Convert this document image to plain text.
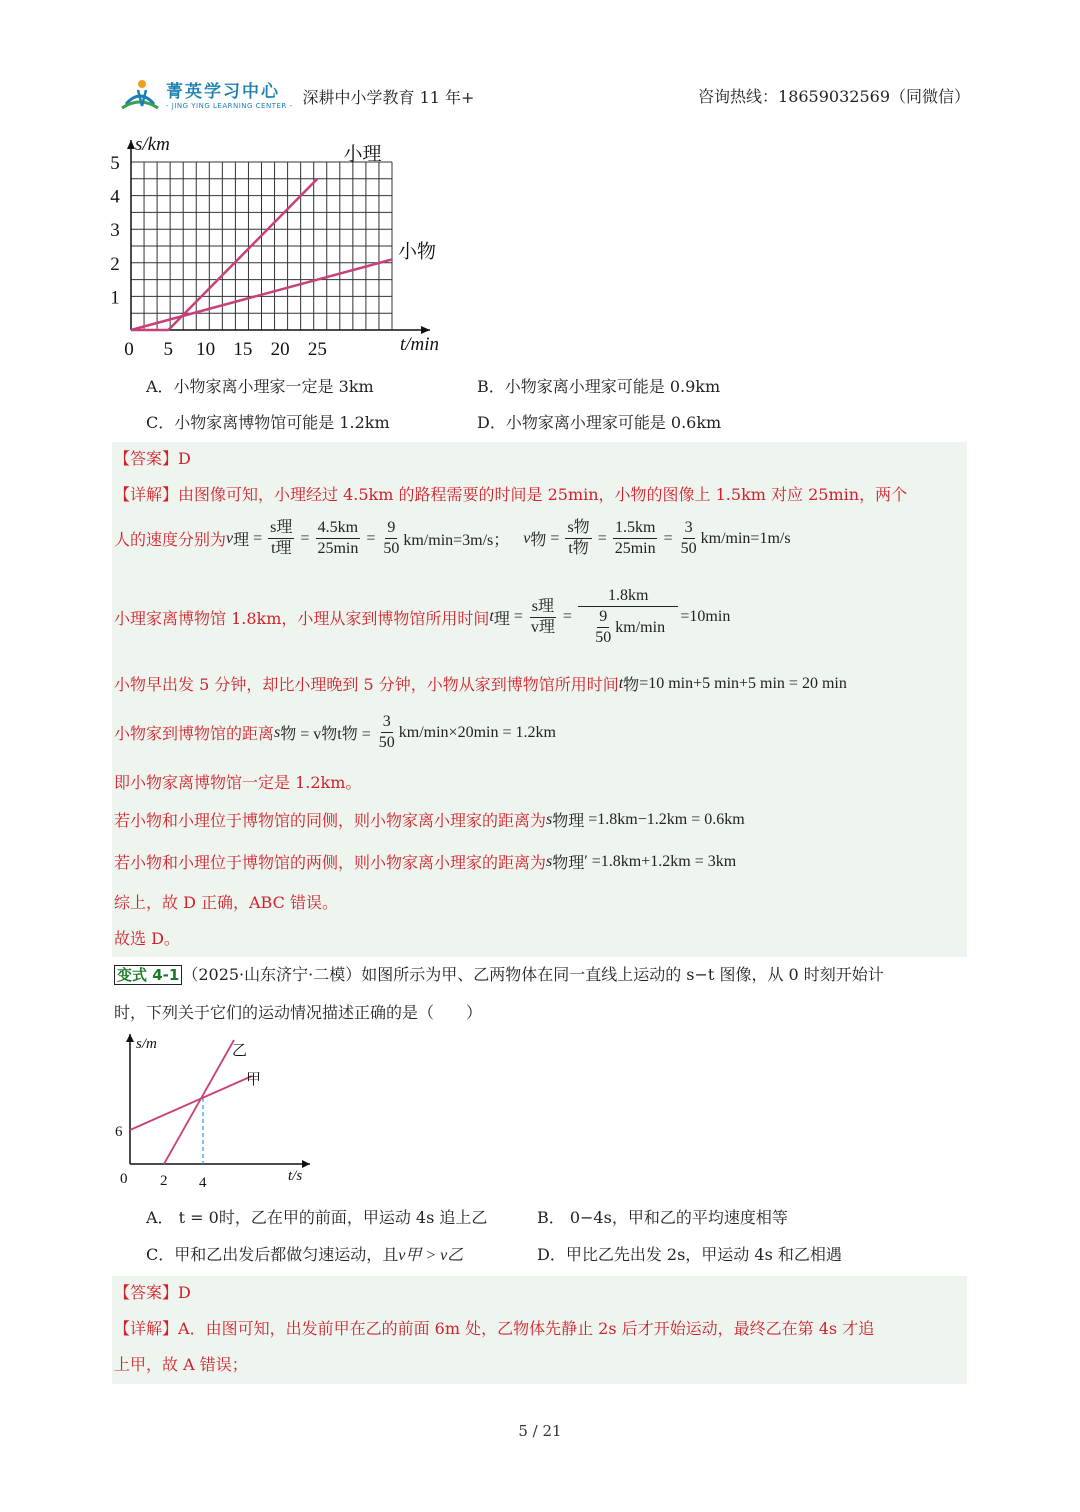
菁英学习中心
- JING YING LEARNING CENTER - 深耕中小学教育 11 年+	咨询热线：18659032569（同微信）
1
2
3
4
5
0 5 10 15 20 25
s/km
t/min
小理
小物
A．小物家离小理家一定是 3km	B．小物家离小理家可能是 0.9km
C．小物家离博物馆可能是 1.2km	D．小物家离小理家可能是 0.6km
【答案】D
【详解】由图像可知，小理经过 4.5km 的路程需要的时间是 25min，小物的图像上 1.5km 对应 25min，两个
人的速度分别为 v 理 = $\frac{\text{s理}}{\text{t理}} = \frac{4.5km}{25\min} = \frac{9}{50} km/\min=3m/s$； v 物 = $\frac{\text{s物}}{\text{t物}} = \frac{1.5km}{25\min} = \frac{3}{50} km/\min=1m/s$
小理家离博物馆 1.8km，小理从家到博物馆所用时间 t 理 = $\frac{\text{s理}}{\text{v理}} = \frac{1.8km}{\frac{9}{50} km/\min} =10\min$
小物早出发 5 分钟，却比小理晚到 5 分钟，小物从家到博物馆所用时间 t 物 =10 min+5 min+5 min = 20 min
小物家到博物馆的距离 s 物 = v物t物 = $\frac{3}{50} km/\min\times 20\min = 1.2km$
即小物家离博物馆一定是 1.2km。
若小物和小理位于博物馆的同侧，则小物家离小理家的距离为 s 物理 =1.8km−1.2km = 0.6km
若小物和小理位于博物馆的两侧，则小物家离小理家的距离为 s 物理 ′ =1.8km+1.2km = 3km
综上，故 D 正确，ABC 错误。
故选 D。
变式 4-1 （2025·山东济宁·二模）如图所示为甲、乙两物体在同一直线上运动的 s−t 图像，从 0 时刻开始计
时，下列关于它们的运动情况描述正确的是（　　）
s/m
t/s
6
0 2 4
乙
甲
A． t = 0时，乙在甲的前面，甲运动 4s 追上乙	B． 0−4s，甲和乙的平均速度相等
C．甲和乙出发后都做匀速运动，且v甲 > v乙	D．甲比乙先出发 2s，甲运动 4s 和乙相遇
【答案】D
【详解】A．由图可知，出发前甲在乙的前面 6m 处，乙物体先静止 2s 后才开始运动，最终乙在第 4s 才追
上甲，故 A 错误；
5 / 21
